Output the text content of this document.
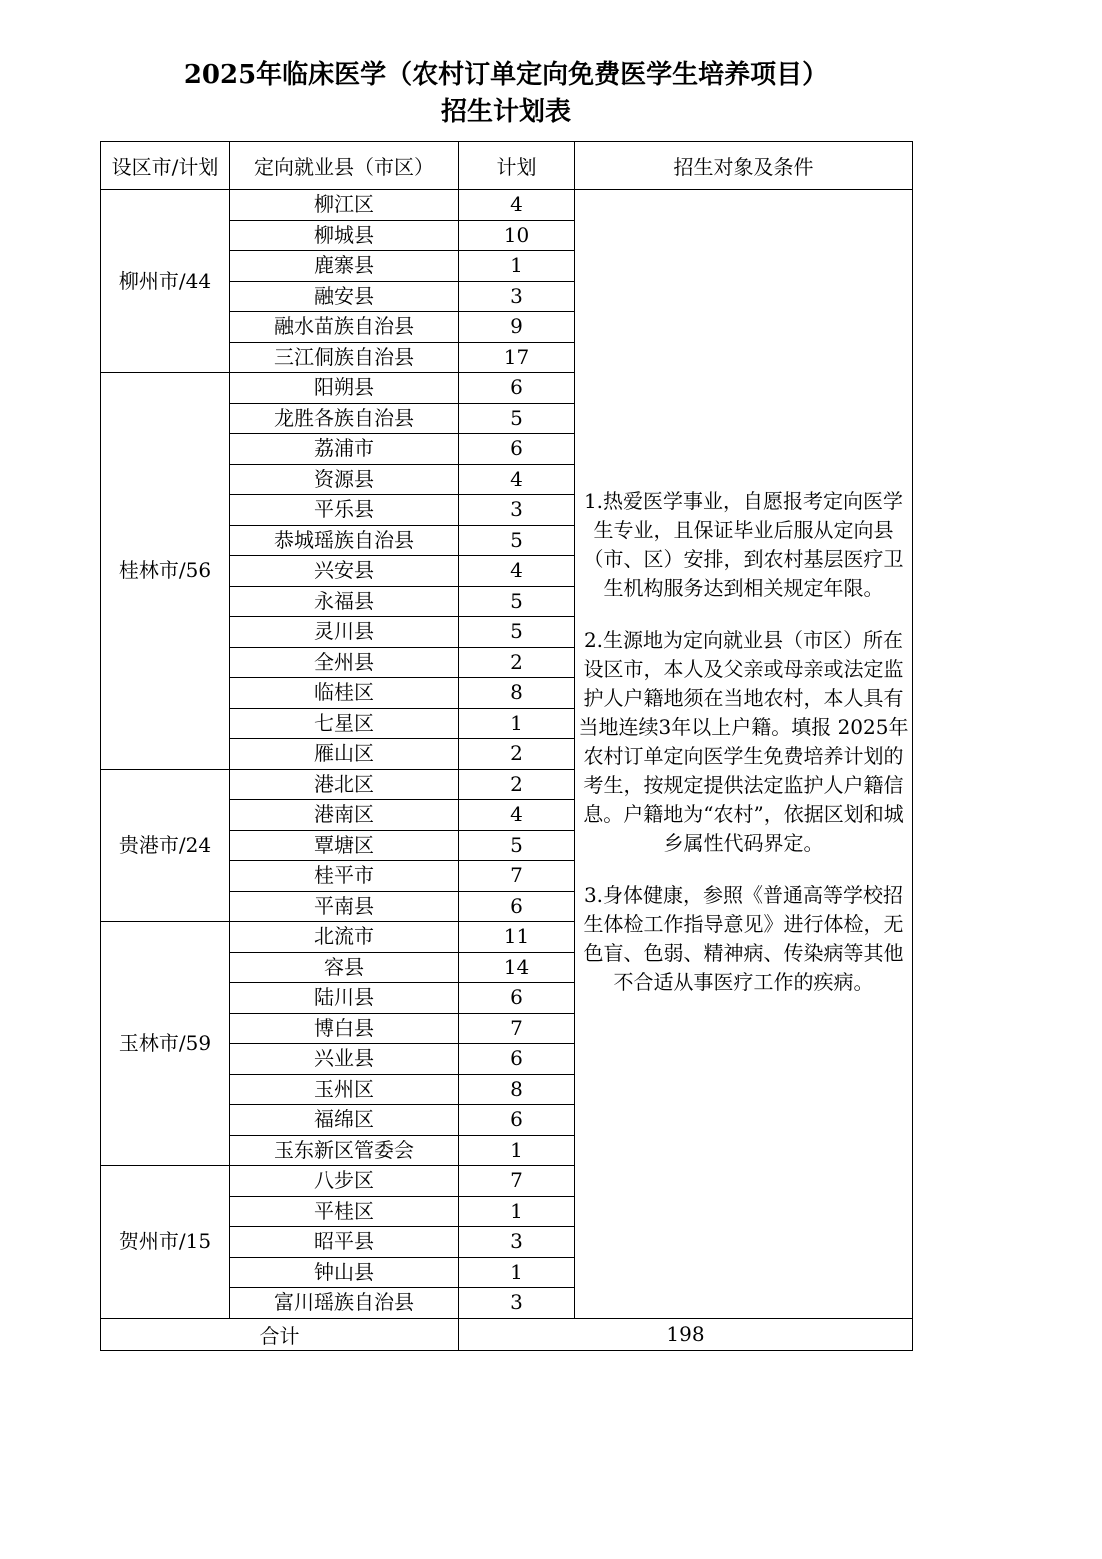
2025年临床医学（农村订单定向免费医学生培养项目）
招生计划表
设区市/计划	定向就业县（市区）	计划	招生对象及条件
柳州市/44	柳江区	4	1.热爱医学事业，自愿报考定向医学生专业，且保证毕业后服从定向县（市、区）安排，到农村基层医疗卫生机构服务达到相关规定年限。

2.生源地为定向就业县（市区）所在设区市，本人及父亲或母亲或法定监护人户籍地须在当地农村，本人具有当地连续3年以上户籍。填报 2025年农村订单定向医学生免费培养计划的考生，按规定提供法定监护人户籍信息。户籍地为“农村”，依据区划和城乡属性代码界定。

3.身体健康，参照《普通高等学校招生体检工作指导意见》进行体检，无色盲、色弱、精神病、传染病等其他不合适从事医疗工作的疾病。

	柳城县	10	
	鹿寨县	1	
	融安县	3	
	融水苗族自治县	9	
	三江侗族自治县	17	
桂林市/56	阳朔县	6	
	龙胜各族自治县	5	
	荔浦市	6	
	资源县	4	
	平乐县	3	
	恭城瑶族自治县	5	
	兴安县	4	
	永福县	5	
	灵川县	5	
	全州县	2	
	临桂区	8	
	七星区	1	
	雁山区	2	
贵港市/24	港北区	2	
	港南区	4	
	覃塘区	5	
	桂平市	7	
	平南县	6	
玉林市/59	北流市	11	
	容县	14	
	陆川县	6	
	博白县	7	
	兴业县	6	
	玉州区	8	
	福绵区	6	
	玉东新区管委会	1	
贺州市/15	八步区	7	
	平桂区	1	
	昭平县	3	
	钟山县	1	
	富川瑶族自治县	3	
合计		198	
